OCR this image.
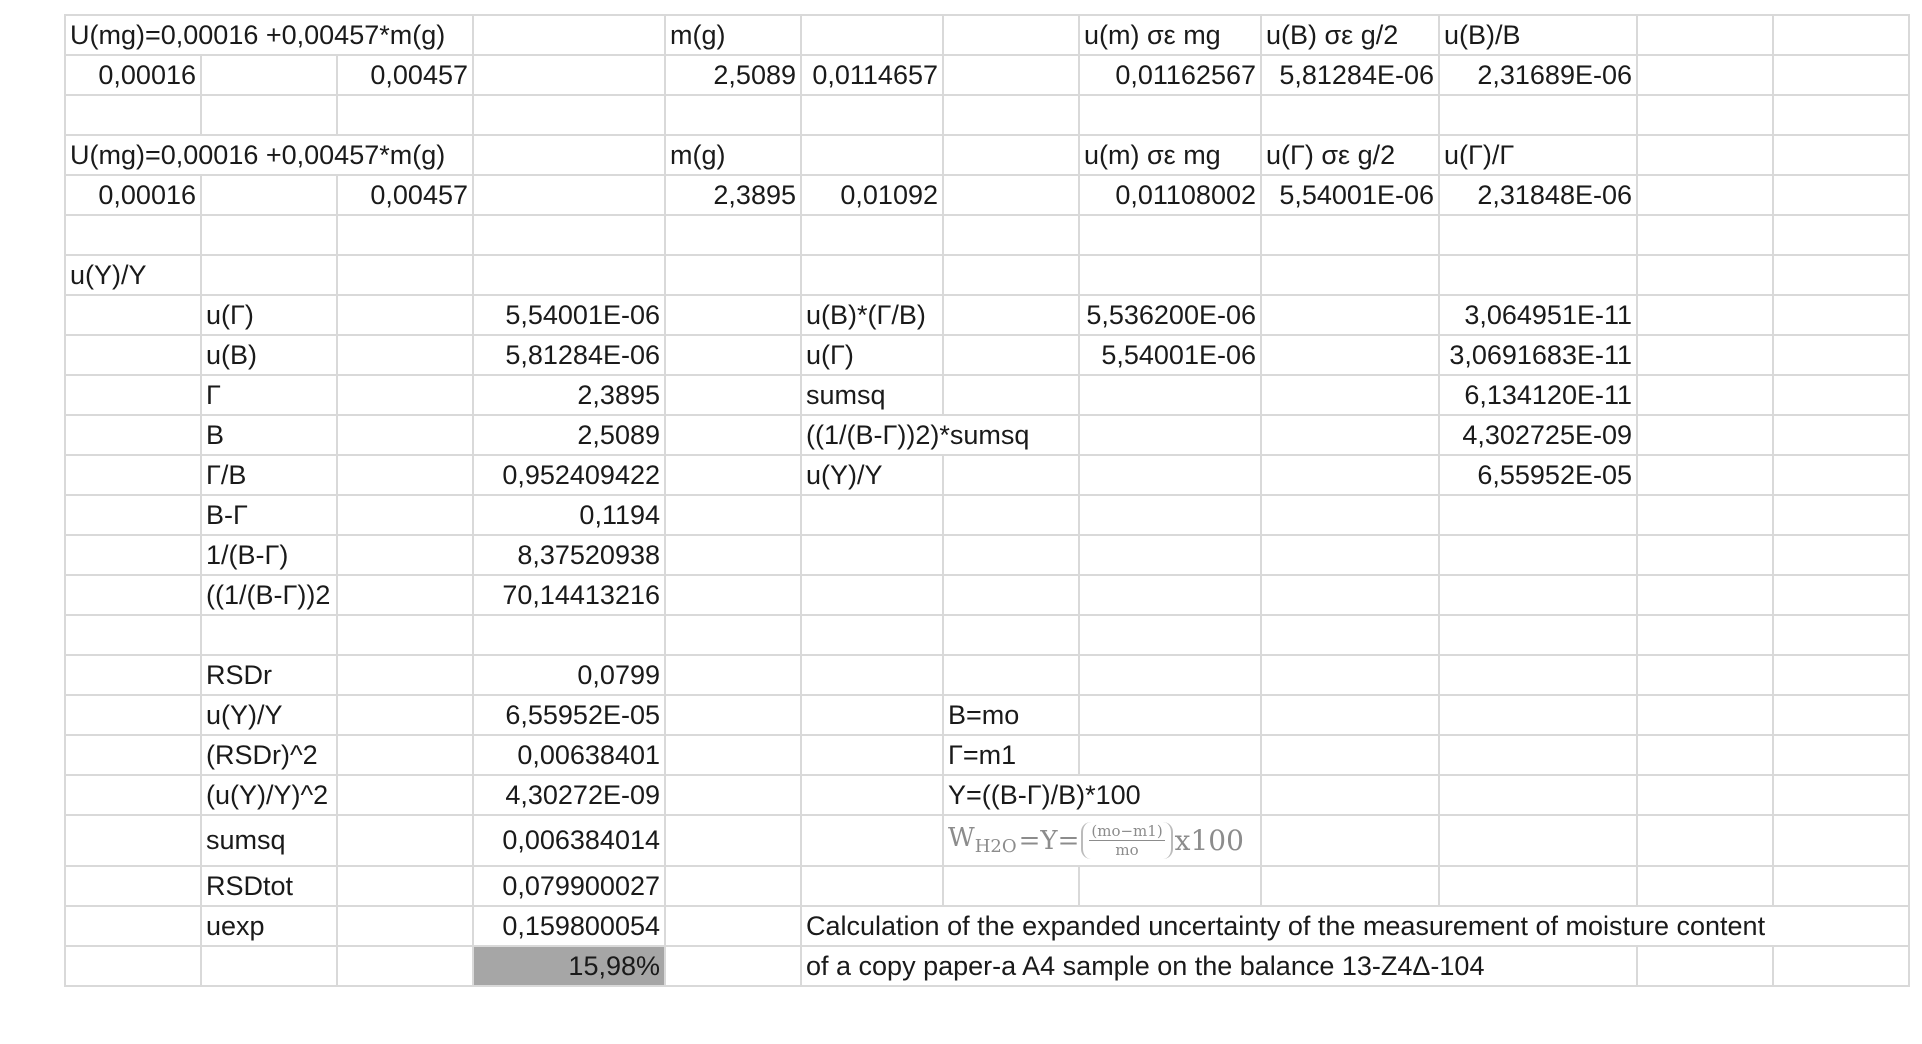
U(mg)=0,00016 +0,00457*m(g)				m(g)			u(m) σε mg	u(B) σε g/2	u(B)/B		
0,00016		0,00457		2,5089	0,0114657		0,01162567	5,81284E-06	2,31689E-06		

U(mg)=0,00016 +0,00457*m(g)				m(g)			u(m) σε mg	u(Γ) σε g/2	u(Γ)/Γ		
0,00016		0,00457		2,3895	0,01092		0,01108002	5,54001E-06	2,31848E-06		

u(Y)/Y											
	u(Γ)		5,54001E-06		u(B)*(Γ/B)		5,536200E-06		3,064951E-11		
	u(B)		5,81284E-06		u(Γ)		5,54001E-06		3,0691683E-11		
	Γ		2,3895		sumsq				6,134120E-11		
	B		2,5089		((1/(B-Γ))2)*sumsq				4,302725E-09		
	Γ/B		0,952409422		u(Y)/Y				6,55952E-05		
	B-Γ		0,1194								
	1/(B-Γ)		8,37520938								
	((1/(B-Γ))2		70,14413216								

	RSDr		0,0799								
	u(Y)/Y		6,55952E-05			B=mo					
	(RSDr)^2		0,00638401			Γ=m1					
	(u(Y)/Y)^2		4,30272E-09			Y=((B-Γ)/B)*100					
	sumsq		0,006384014			$W_{H2O} =Y= \frac{(mo-m1)}{mo} x100$					

	RSDtot		0,079900027								
	uexp		0,159800054		Calculation of the expanded uncertainty of the measurement of moisture content						
			15,98%		of a copy paper-a A4 sample on the balance 13-Z4Δ-104						
